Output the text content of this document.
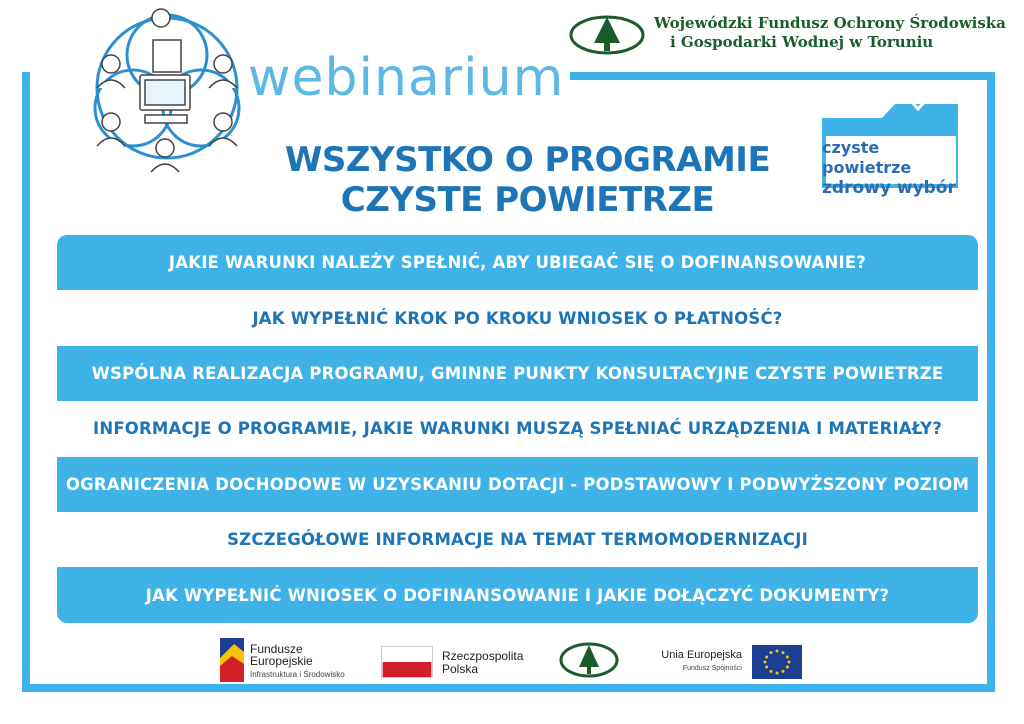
webinarium
Wojewódzki Fundusz Ochrony Środowiska
i Gospodarki Wodnej w Toruniu
WSZYSTKO O PROGRAMIE
CZYSTE POWIETRZE
czyste powietrze
zdrowy wybór
JAKIE WARUNKI NALEŻY SPEŁNIĆ, ABY UBIEGAĆ SIĘ O DOFINANSOWANIE?
JAK WYPEŁNIĆ KROK PO KROKU WNIOSEK O PŁATNOŚĆ?
WSPÓLNA REALIZACJA PROGRAMU, GMINNE PUNKTY KONSULTACYJNE CZYSTE POWIETRZE
INFORMACJE O PROGRAMIE, JAKIE WARUNKI MUSZĄ SPEŁNIAĆ URZĄDZENIA I MATERIAŁY?
OGRANICZENIA DOCHODOWE W UZYSKANIU DOTACJI - PODSTAWOWY I PODWYŻSZONY POZIOM
SZCZEGÓŁOWE INFORMACJE NA TEMAT TERMOMODERNIZACJI
JAK WYPEŁNIĆ WNIOSEK O DOFINANSOWANIE I JAKIE DOŁĄCZYĆ DOKUMENTY?
Fundusze
Europejskie
Infrastruktura i Środowisko
Rzeczpospolita
Polska
Unia Europejska
Fundusz Spójności
